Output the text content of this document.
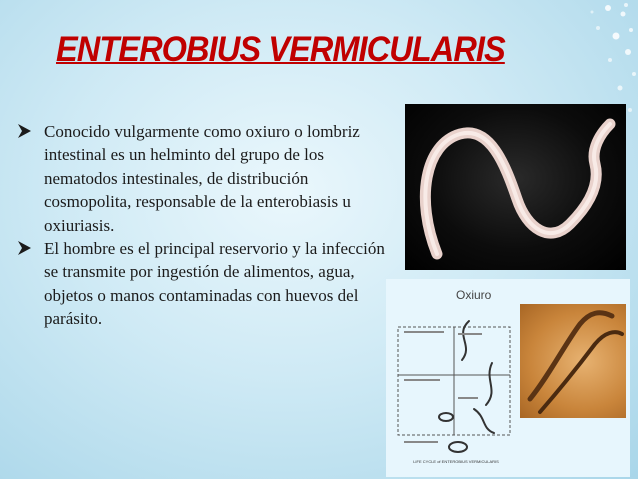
ENTEROBIUS VERMICULARIS
Conocido vulgarmente como oxiuro o lombriz intestinal es un helminto del grupo de los nematodos intestinales, de distribución cosmopolita, responsable de la enterobiasis u oxiuriasis.
El hombre es el principal reservorio y la infección se transmite por ingestión de alimentos, agua, objetos o manos contaminadas con huevos del parásito.
Oxiuro
LIFE CYCLE of ENTEROBIUS VERMICULARIS
